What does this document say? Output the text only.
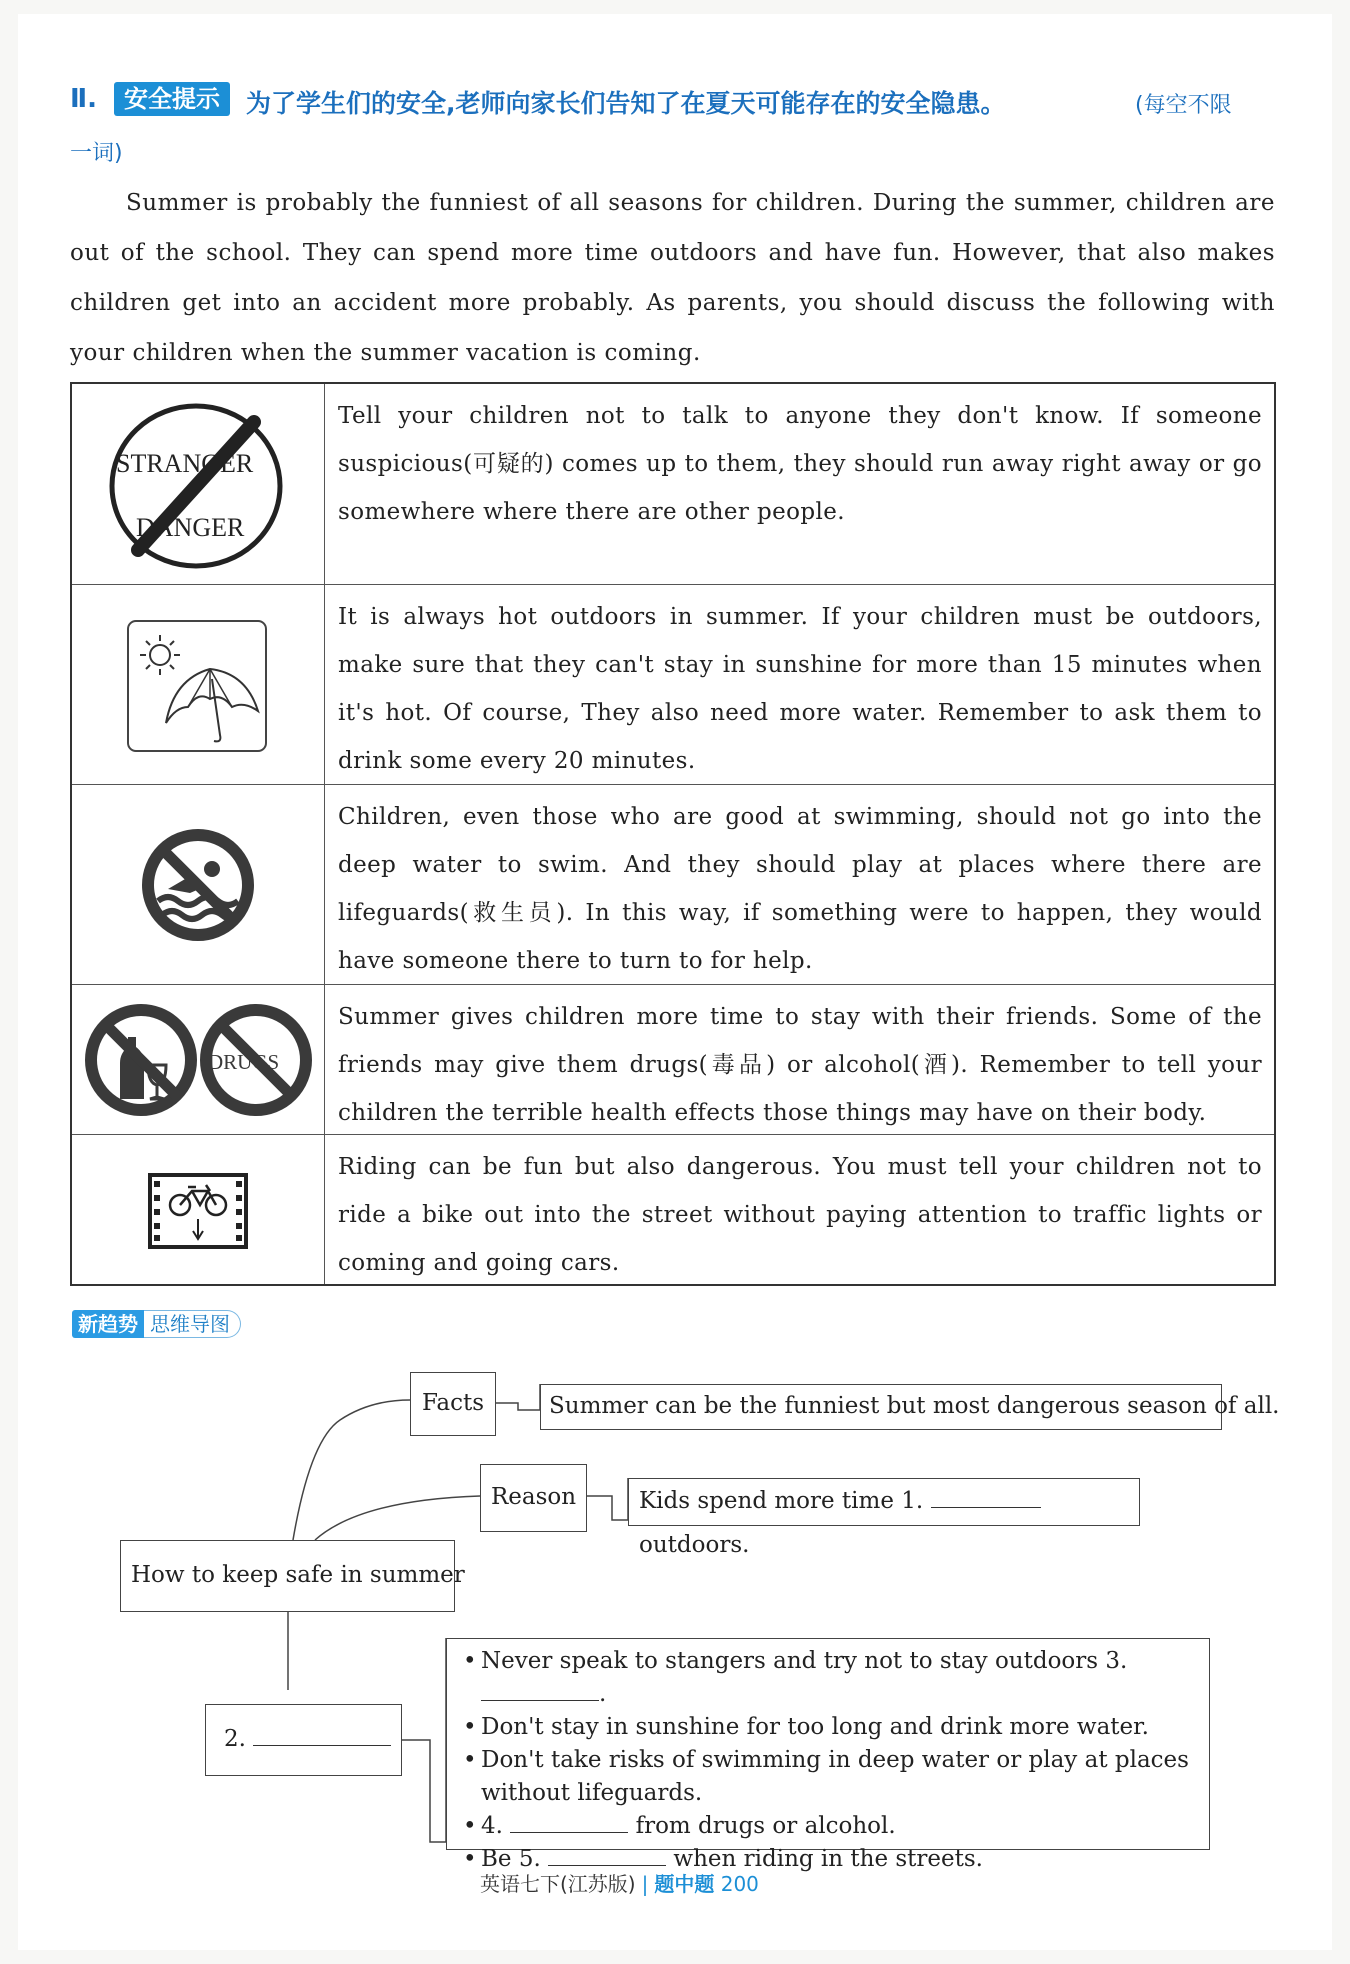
Ⅱ.	安全提示	为了学生们的安全,老师向家长们告知了在夏天可能存在的安全隐患。	(每空不限
一词)

Summer is probably the funniest of all seasons for children. During the summer, children are out of the school. They can spend more time outdoors and have fun. However, that also makes children get into an accident more probably. As parents, you should discuss the following with your children when the summer vacation is coming.

STRANGER
DANGER
Tell your children not to talk to anyone they don't know. If someone suspicious(可疑的) comes up to them, they should run away right away or go somewhere where there are other people.
It is always hot outdoors in summer. If your children must be outdoors, make sure that they can't stay in sunshine for more than 15 minutes when it's hot. Of course, They also need more water. Remember to ask them to drink some every 20 minutes.
Children, even those who are good at swimming, should not go into the deep water to swim. And they should play at places where there are lifeguards(救生员). In this way, if something were to happen, they would have someone there to turn to for help.
DRUGS
Summer gives children more time to stay with their friends. Some of the friends may give them drugs(毒品) or alcohol(酒). Remember to tell your children the terrible health effects those things may have on their body.
Riding can be fun but also dangerous. You must tell your children not to ride a bike out into the street without paying attention to traffic lights or coming and going cars.
新趋势 思维导图
How to keep safe in summer
Facts	Summer can be the funniest but most dangerous season of all.
Reason	Kids spend more time 1.  outdoors.
2.
• Never speak to stangers and try not to stay outdoors 3. .
• Don't stay in sunshine for too long and drink more water.
• Don't take risks of swimming in deep water or play at places without lifeguards.
• 4.	from drugs or alcohol.
• Be 5.	when riding in the streets.
英语七下(江苏版) | 题中题 200
